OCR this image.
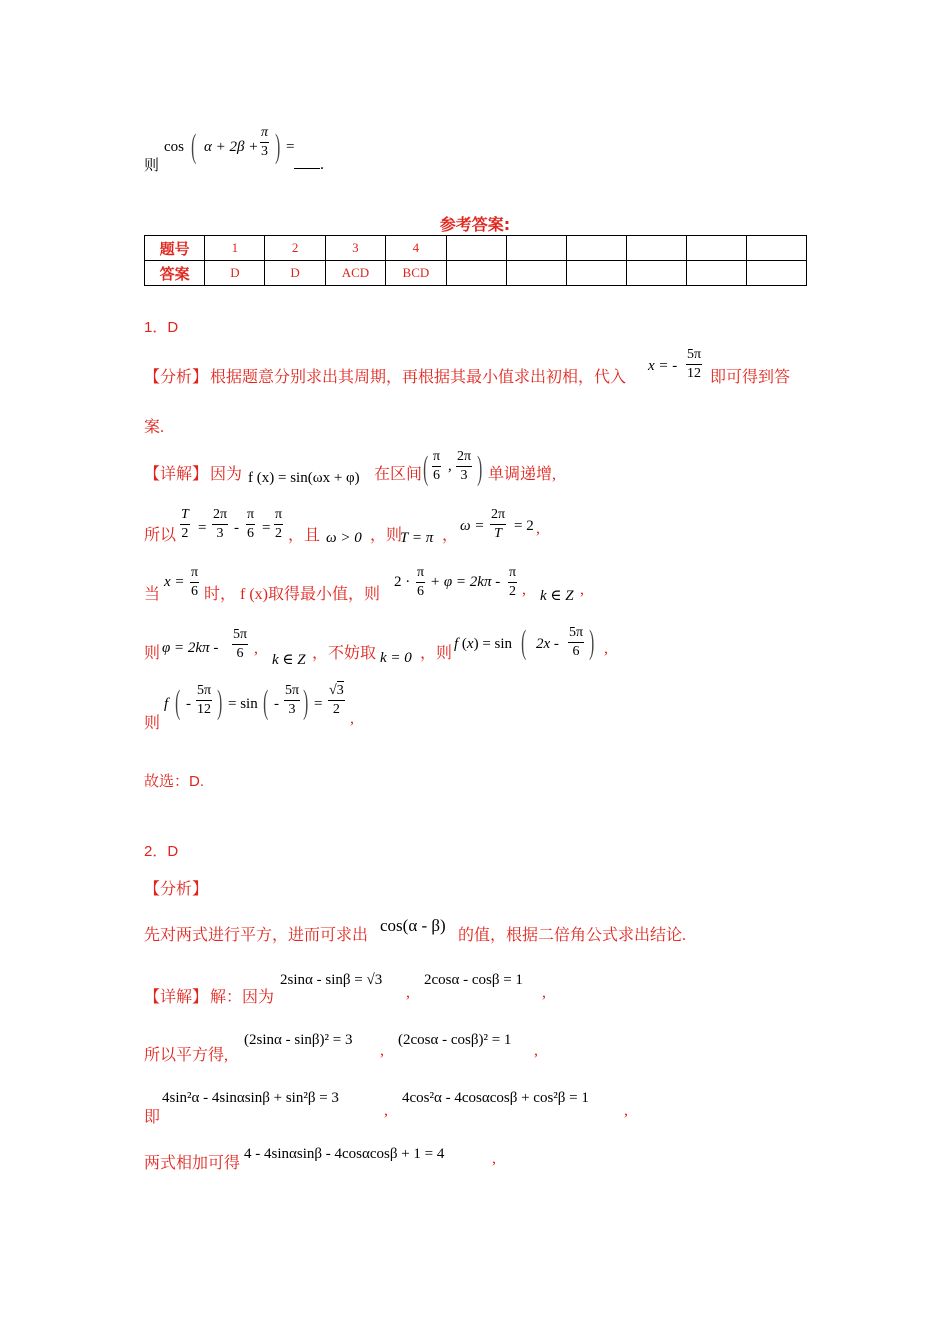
则
cos ( $\alpha + 2\beta + \frac{\pi}{3}$ ) =
.
参考答案:
题号	1	2	3	4						
答案	D	D	ACD	BCD						
1．D
【分析】 根据题意分别求出其周期，再根据其最小值求出初相，代入
x = - $\frac{5\pi}{12}$ 即可得到答
案.
【详解】 因为 f (x) = sin(ωx + φ) 在区间 ( $\frac{\pi}{6}$ , $\frac{2\pi}{3}$ ) 单调递增,
所以 $\frac{T}{2} = \frac{2\pi}{3} - \frac{\pi}{6} = \frac{\pi}{2}$ ，且 ω > 0 ，则
T = π ，
$\omega = \frac{2\pi}{T} = 2$ ,
当
$x = \frac{\pi}{6}$ 时， f (x)取得最小值，则
$2 \cdot \frac{\pi}{6} + \varphi = 2k\pi - \frac{\pi}{2}$ , k ∈ Z ,
则 $\varphi = 2k\pi - \frac{5\pi}{6}$ ,
k ∈ Z ，不妨取 k = 0 ，则
f (x) = sin ( $2x - \frac{5\pi}{6}$ ) ,
则
f ( - $\frac{5\pi}{12}$ ) = sin ( - $\frac{5\pi}{3}$ ) = $\frac{√3}{2}$ ,
故选：D.
2．D
【分析】
先对两式进行平方，进而可求出
cos(α - β)
的值，根据二倍角公式求出结论.
【详解】 解：因为
2sinα - sinβ = √3
,
2cosα - cosβ = 1
,
所以平方得,
(2sinα - sinβ)² = 3
,
(2cosα - cosβ)² = 1
,
即
4sin²α - 4sinαsinβ + sin²β = 3
,
4cos²α - 4cosαcosβ + cos²β = 1
,
两式相加可得
4 - 4sinαsinβ - 4cosαcosβ + 1 = 4	,
